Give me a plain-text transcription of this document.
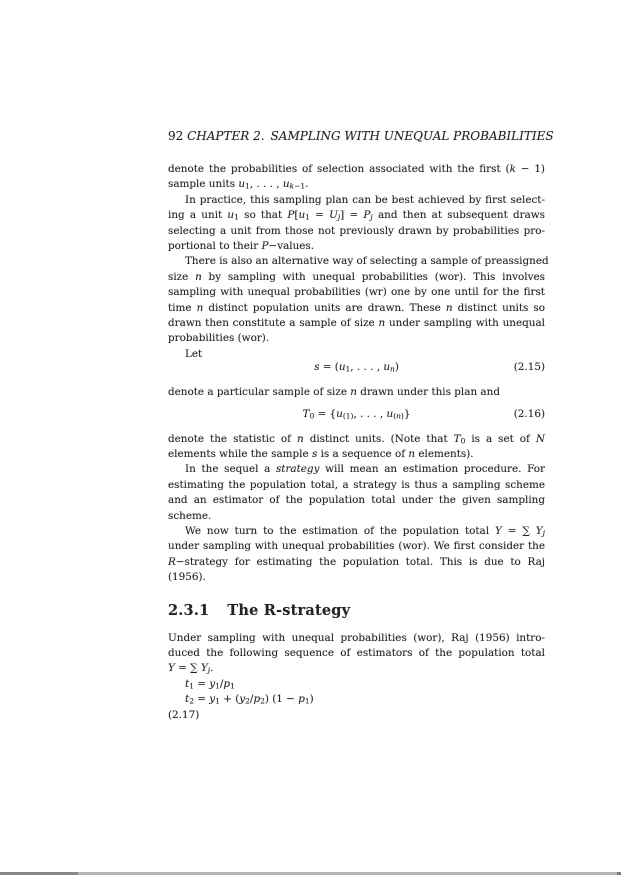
92 CHAPTER 2. SAMPLING WITH UNEQUAL PROBABILITIES
denote the probabilities of selection associated with the first (k − 1)
sample units $u_1$, . . . , $u_{k-1}$.
In practice, this sampling plan can be best achieved by first select-
ing a unit $u_1$ so that $P[u_1 = U_j] = P_j$ and then at subsequent draws
selecting a unit from those not previously drawn by probabilities pro-
portional to their P−values.
There is also an alternative way of selecting a sample of preassigned
size n by sampling with unequal probabilities (wor). This involves
sampling with unequal probabilities (wr) one by one until for the first
time n distinct population units are drawn. These n distinct units so
drawn then constitute a sample of size n under sampling with unequal
probabilities (wor).
Let
$s = (u_1$, . . . , $u_n$)	(2.15)
denote a particular sample of size n drawn under this plan and
$T_0 = \{u_{(1)}$, . . . , $u_{(n)}$}	(2.16)
denote the statistic of n distinct units. (Note that $T_0$ is a set of N
elements while the sample s is a sequence of n elements).
In the sequel a strategy will mean an estimation procedure. For
estimating the population total, a strategy is thus a sampling scheme
and an estimator of the population total under the given sampling
scheme.
We now turn to the estimation of the population total Y = ∑ $Y_j$
under sampling with unequal probabilities (wor). We first consider the
R−strategy for estimating the population total. This is due to Raj
(1956).
2.3.1 The R-strategy
Under sampling with unequal probabilities (wor), Raj (1956) intro-
duced the following sequence of estimators of the population total
Y = ∑ $Y_j$.
$t_1 = y_1/p_1$
$t_2 = y_1 + (y_2/p_2) (1 - p_1)$
(2.17)
